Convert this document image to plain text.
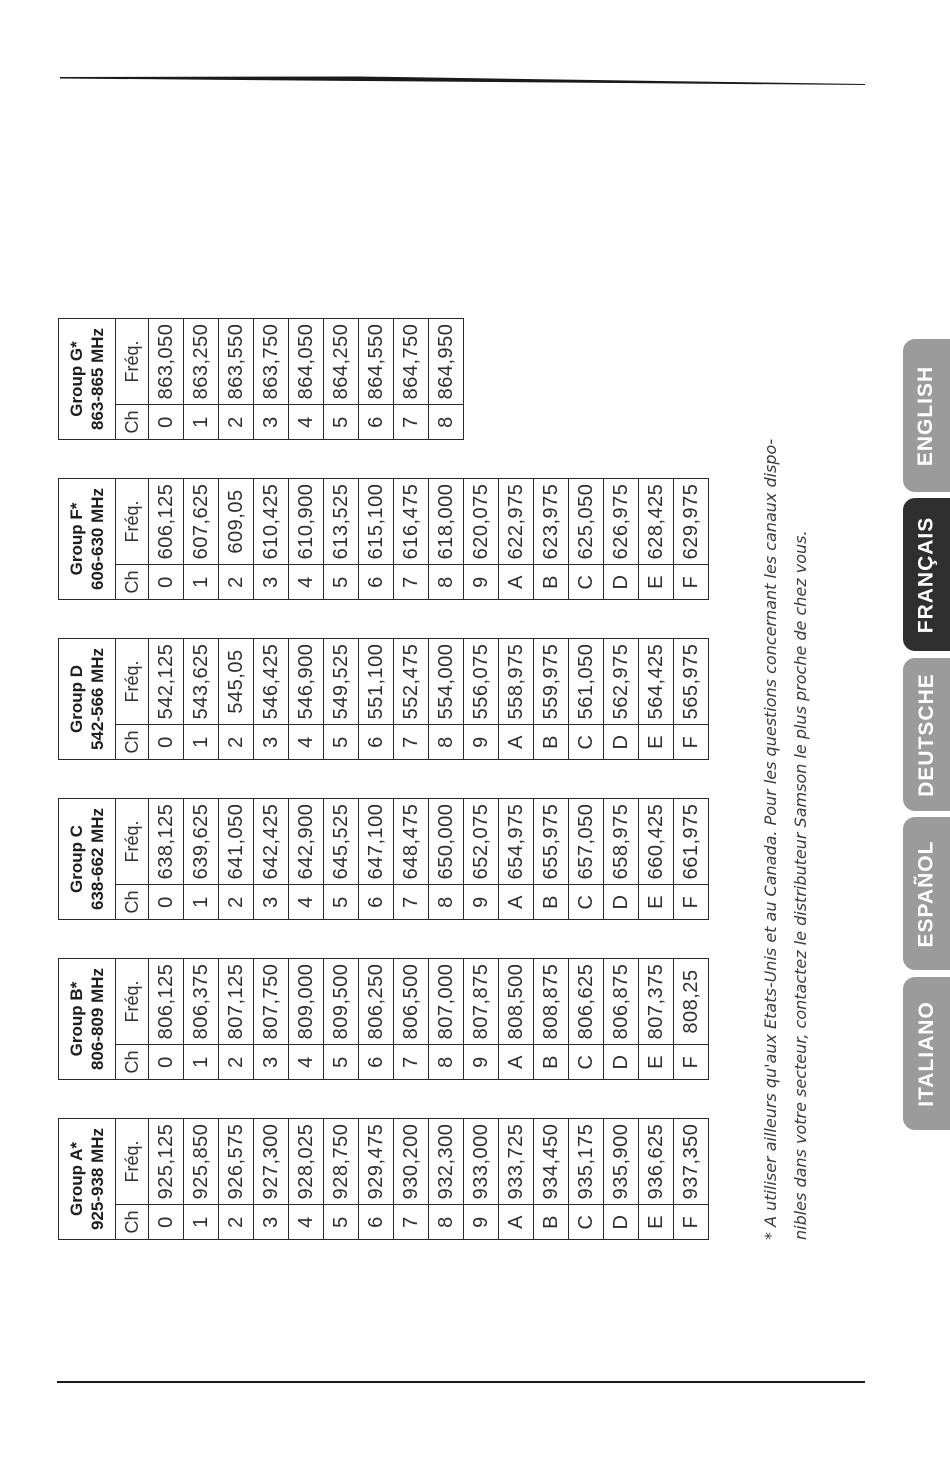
Group A* 925-938 MHz	

Ch	Fréq.
0	925,125
1	925,850
2	926,575
3	927,300
4	928,025
5	928,750
6	929,475
7	930,200
8	932,300
9	933,000
A	933,725
B	934,450
C	935,175
D	935,900
E	936,625
F	937,350
Group B* 806-809 MHz	

Ch	Fréq.
0	806,125
1	806,375
2	807,125
3	807,750
4	809,000
5	809,500
6	806,250
7	806,500
8	807,000
9	807,875
A	808,500
B	808,875
C	806,625
D	806,875
E	807,375
F	808,25
Group C 638-662 MHz	

Ch	Fréq.
0	638,125
1	639,625
2	641,050
3	642,425
4	642,900
5	645,525
6	647,100
7	648,475
8	650,000
9	652,075
A	654,975
B	655,975
C	657,050
D	658,975
E	660,425
F	661,975
Group D 542-566 MHz	

Ch	Fréq.
0	542,125
1	543,625
2	545,05
3	546,425
4	546,900
5	549,525
6	551,100
7	552,475
8	554,000
9	556,075
A	558,975
B	559,975
C	561,050
D	562,975
E	564,425
F	565,975
Group F* 606-630 MHz	

Ch	Fréq.
0	606,125
1	607,625
2	609,05
3	610,425
4	610,900
5	613,525
6	615,100
7	616,475
8	618,000
9	620,075
A	622,975
B	623,975
C	625,050
D	626,975
E	628,425
F	629,975
Group G* 863-865 MHz	

Ch	Fréq.
0	863,050
1	863,250
2	863,550
3	863,750
4	864,050
5	864,250
6	864,550
7	864,750
8	864,950
* A utiliser ailleurs qu'aux Etats-Unis et au Canada. Pour les questions concernant les canaux dispo- nibles dans votre secteur, contactez le distributeur Samson le plus proche de chez vous.
ENGLISH
FRANÇAIS
DEUTSCHE
ESPAÑOL
ITALIANO
